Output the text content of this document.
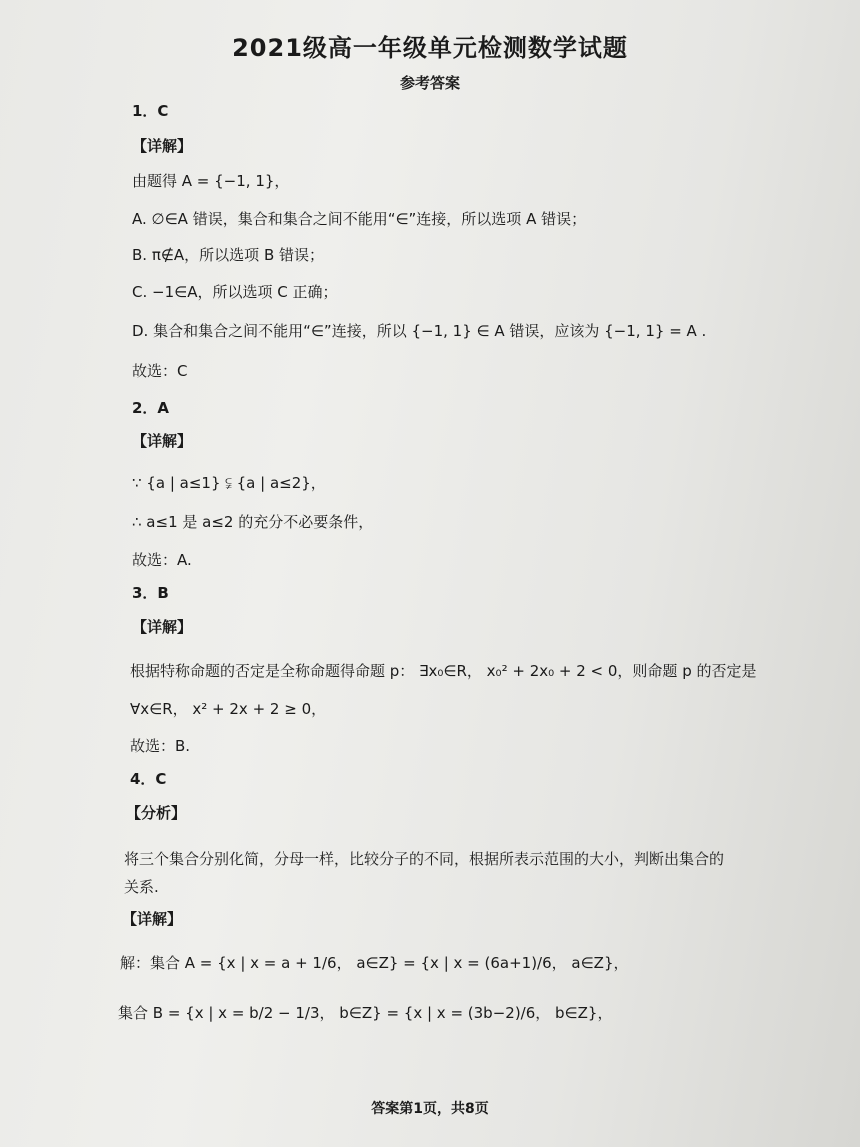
2021级高一年级单元检测数学试题
参考答案
1．C
【详解】
由题得 A = {−1, 1}，
A. ∅∈A 错误，集合和集合之间不能用“∈”连接，所以选项 A 错误；
B. π∉A，所以选项 B 错误；
C. −1∈A，所以选项 C 正确；
D. 集合和集合之间不能用“∈”连接，所以 {−1, 1} ∈ A 错误，应该为 {−1, 1} = A .
故选：C
2．A
【详解】
∵ {a | a≤1} ⫋ {a | a≤2}，
∴ a≤1 是 a≤2 的充分不必要条件，
故选：A.
3．B
【详解】
根据特称命题的否定是全称命题得命题 p： ∃x₀∈R， x₀² + 2x₀ + 2 < 0，则命题 p 的否定是
∀x∈R， x² + 2x + 2 ≥ 0，
故选：B.
4．C
【分析】
将三个集合分别化简，分母一样，比较分子的不同，根据所表示范围的大小，判断出集合的
关系.
【详解】
解：集合 A = {x | x = a + 1/6， a∈Z} = {x | x = (6a+1)/6， a∈Z}，
集合 B = {x | x = b/2 − 1/3， b∈Z} = {x | x = (3b−2)/6， b∈Z}，
答案第1页，共8页
